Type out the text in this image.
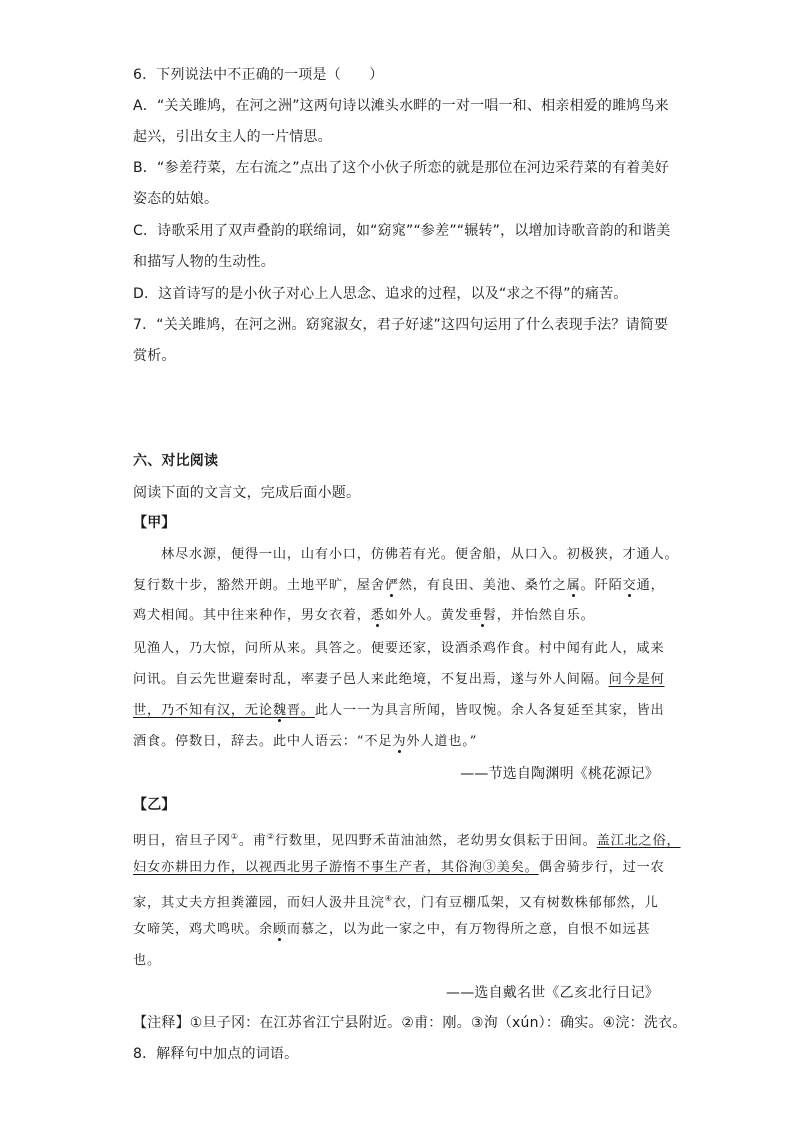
6．下列说法中不正确的一项是（　　）
A．“关关雎鸠，在河之洲”这两句诗以滩头水畔的一对一唱一和、相亲相爱的雎鸠鸟来
起兴，引出女主人的一片情思。
B．“参差荇菜，左右流之”点出了这个小伙子所恋的就是那位在河边采荇菜的有着美好
姿态的姑娘。
C．诗歌采用了双声叠韵的联绵词，如“窈窕”“参差”“辗转”，以增加诗歌音韵的和谐美
和描写人物的生动性。
D．这首诗写的是小伙子对心上人思念、追求的过程，以及“求之不得”的痛苦。
7．“关关雎鸠，在河之洲。窈窕淑女，君子好逑”这四句运用了什么表现手法？请简要
赏析。
六、对比阅读
阅读下面的文言文，完成后面小题。
【甲】
　　林尽水源，便得一山，山有小口，仿佛若有光。便舍船，从口入。初极狭，才通人。
复行数十步，豁然开朗。土地平旷，屋舍俨然，有良田、美池、桑竹之属。阡陌交通，
鸡犬相闻。其中往来种作，男女衣着，悉如外人。黄发垂髫，并怡然自乐。
见渔人，乃大惊，问所从来。具答之。便要还家，设酒杀鸡作食。村中闻有此人，咸来
问讯。自云先世避秦时乱，率妻子邑人来此绝境，不复出焉，遂与外人间隔。问今是何
世，乃不知有汉，无论魏晋。此人一一为具言所闻，皆叹惋。余人各复延至其家，皆出
酒食。停数日，辞去。此中人语云：“不足为外人道也。”
——节选自陶渊明《桃花源记》
【乙】
明日，宿旦子冈①。甫②行数里，见四野禾苗油油然，老幼男女俱耘于田间。盖江北之俗，
妇女亦耕田力作，以视西北男子游惰不事生产者，其俗洵③美矣。偶舍骑步行，过一农
家，其丈夫方担粪灌园，而妇人汲井且浣④衣，门有豆棚瓜架，又有树数株郁郁然，儿
女啼笑，鸡犬鸣吠。余顾而慕之，以为此一家之中，有万物得所之意，自恨不如远甚
也。
——选自戴名世《乙亥北行日记》
【注释】①旦子冈：在江苏省江宁县附近。②甫：刚。③洵（xún）：确实。④浣：洗衣。
8．解释句中加点的词语。
